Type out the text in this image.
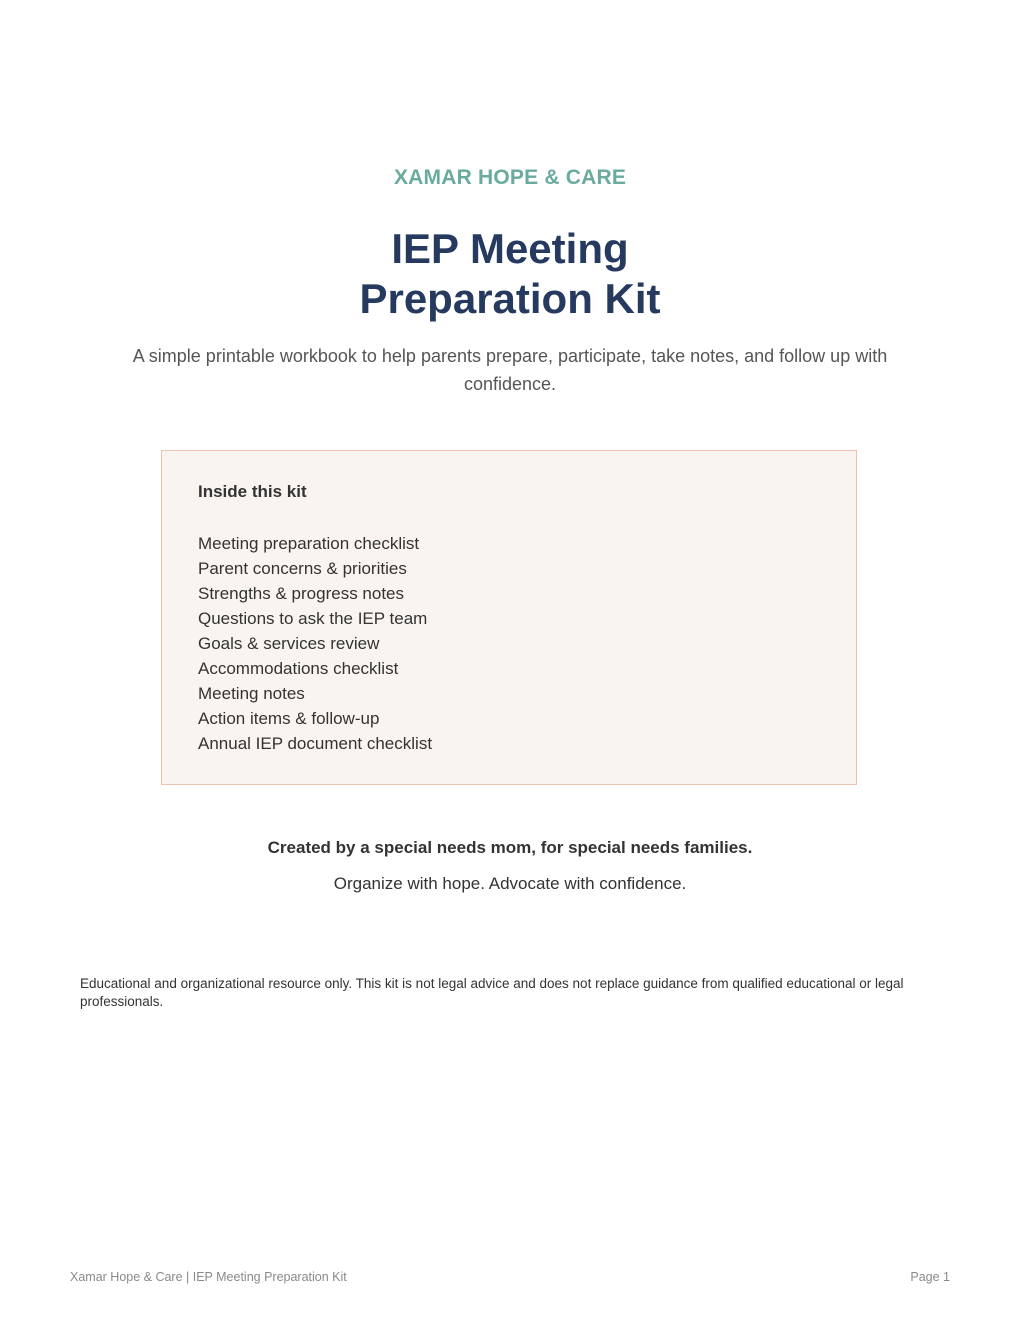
XAMAR HOPE & CARE
IEP Meeting
Preparation Kit
A simple printable workbook to help parents prepare, participate, take notes, and follow up with confidence.
Inside this kit
Meeting preparation checklist
Parent concerns & priorities
Strengths & progress notes
Questions to ask the IEP team
Goals & services review
Accommodations checklist
Meeting notes
Action items & follow-up
Annual IEP document checklist
Created by a special needs mom, for special needs families.
Organize with hope. Advocate with confidence.
Educational and organizational resource only. This kit is not legal advice and does not replace guidance from qualified educational or legal professionals.
Xamar Hope & Care | IEP Meeting Preparation Kit	Page 1
